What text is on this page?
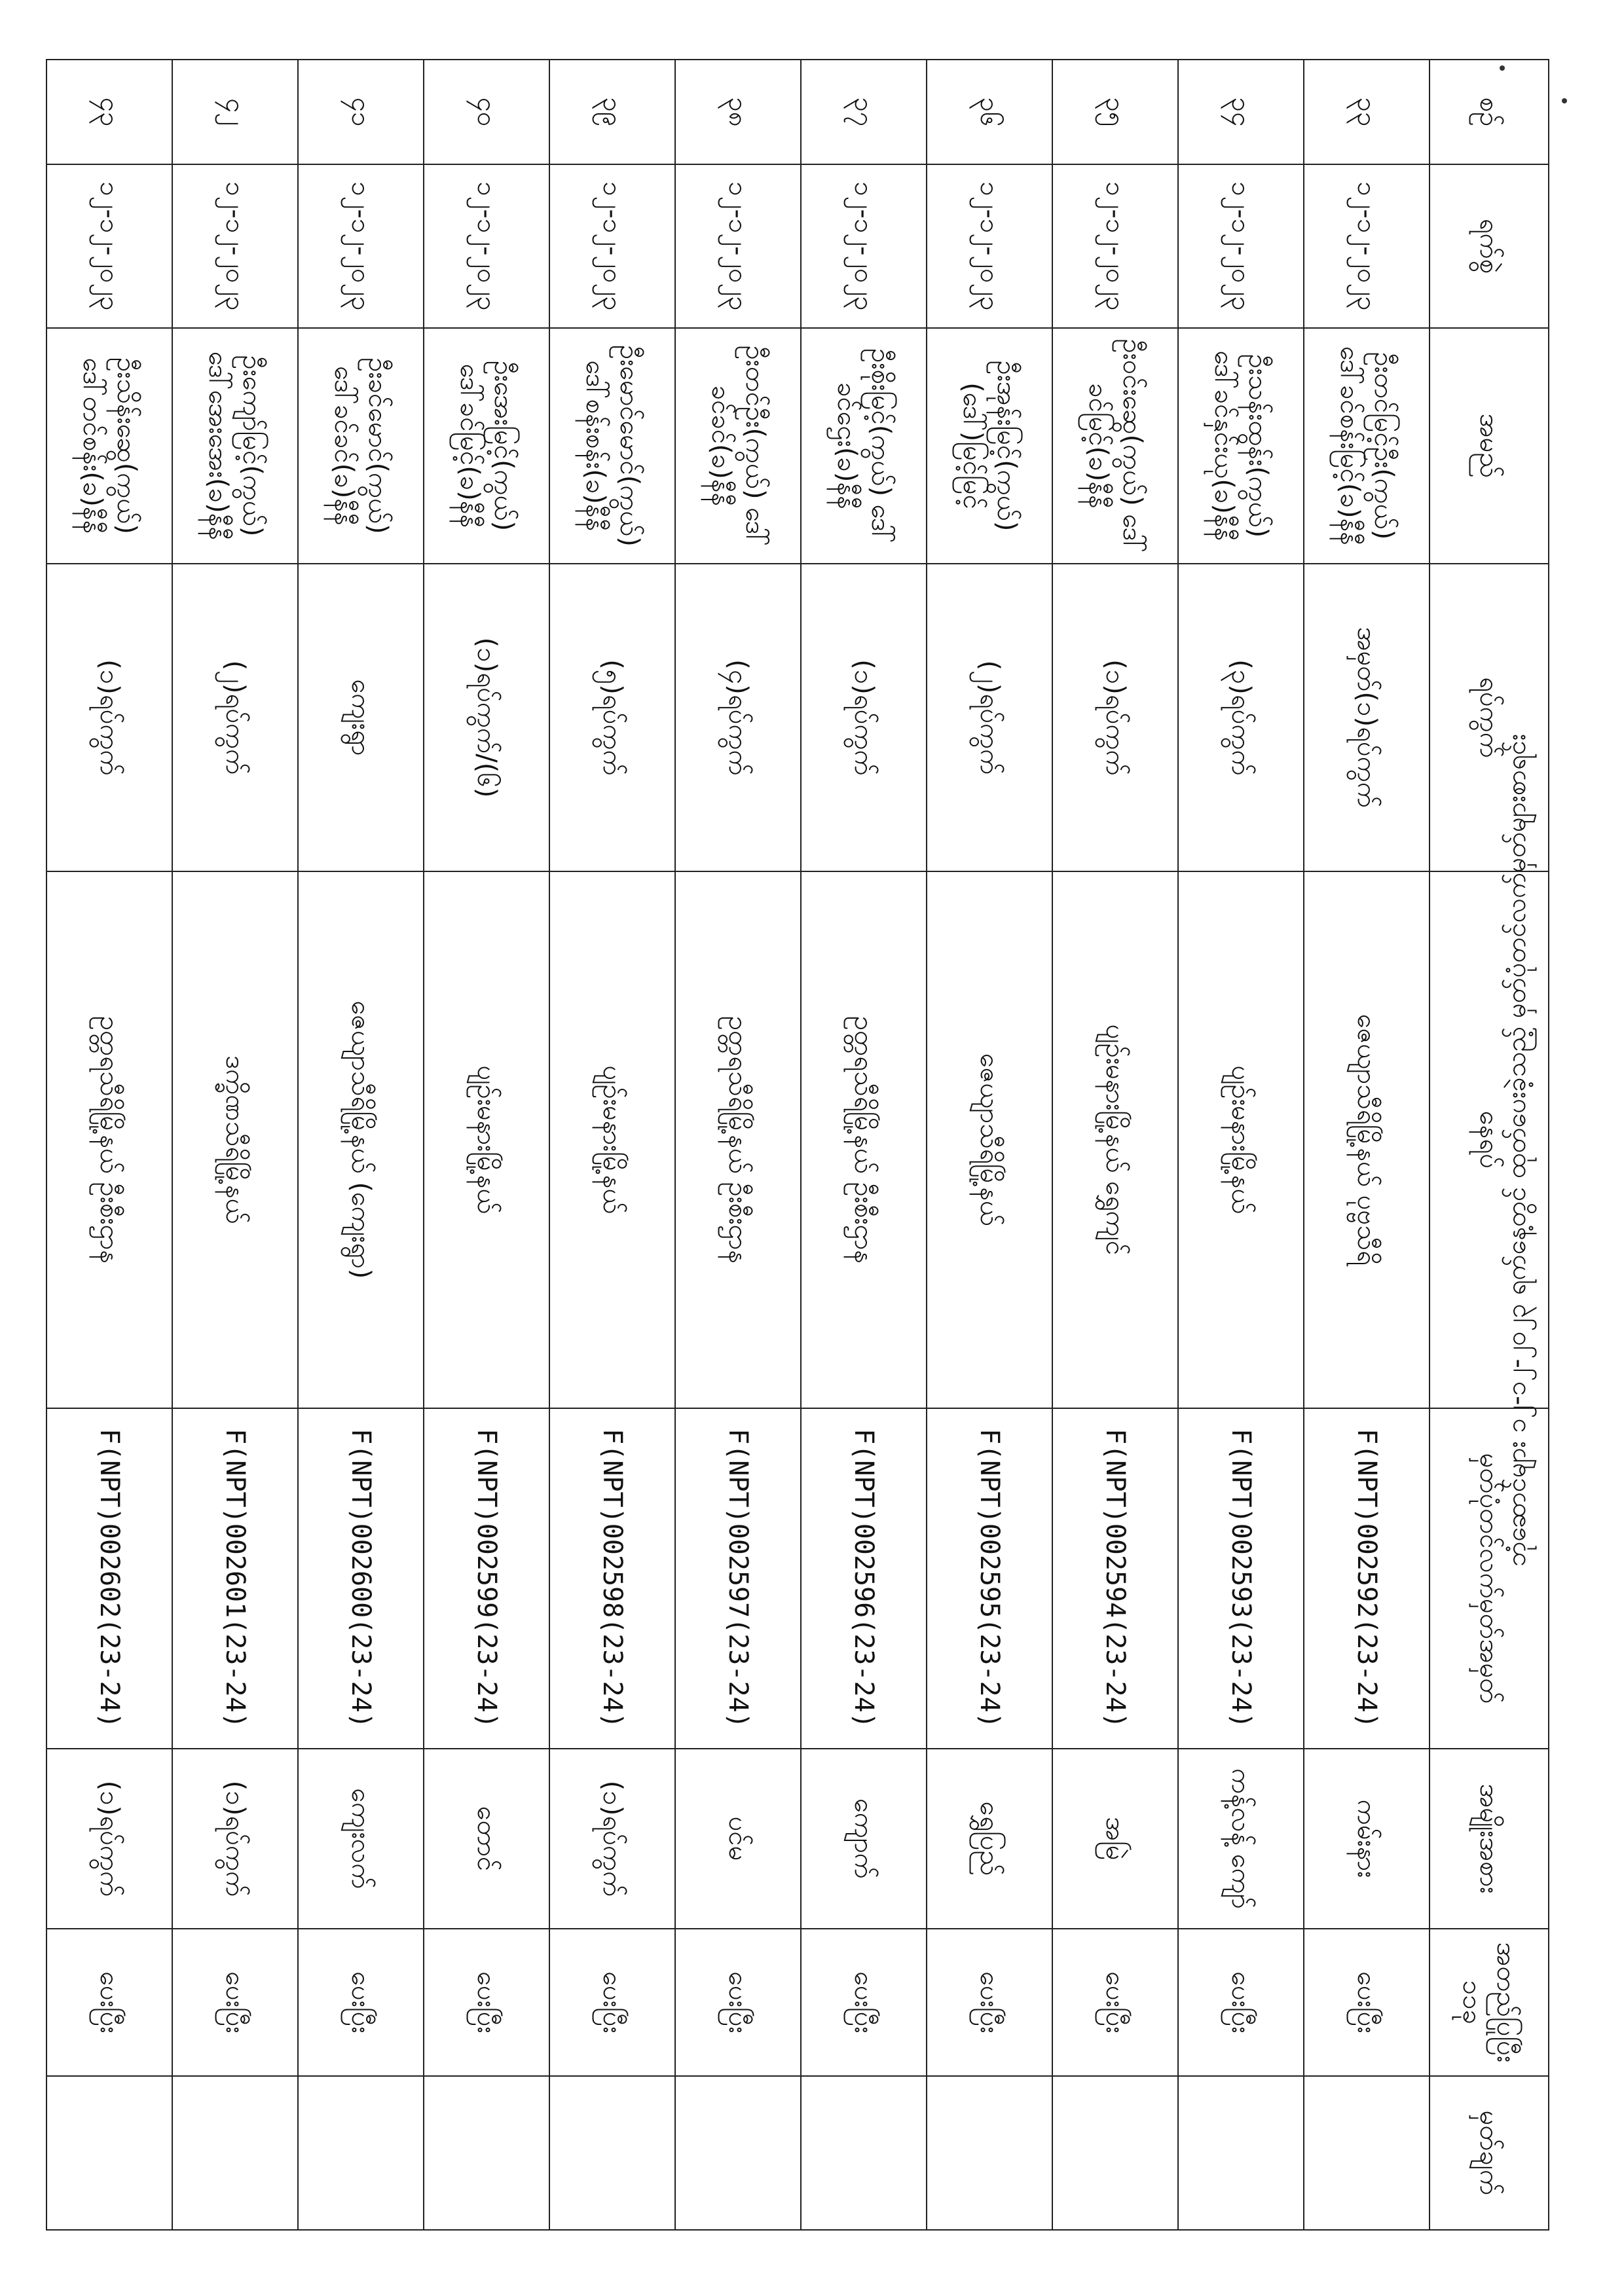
ဘုံဆောင်များ ၁၂-၁၂-၂၀၂၃ ရက်နေ့တွင် ထုတ်ပေးခဲ့သည့် မှတ်ပုံတင်လက်မှတ်များစာရင်း
စဉ်	ရက်စွဲ	အမည်	ရပ်ကွက်	နေရပ်	မှတ်ပုံတင်လက်မှတ်အမှတ်	အမျိုးအစား	အတည်ပြုပြီး ၁၁ခု	မှတ်ချက်
၃၃	၁၂-၁၂-၂၀၂၃	ဦးတင်မြင့်ဦး(ကွယ်) ဒေါ်ခင်စန်းမြင့်(ခ)နီနီ	အမှတ်(၁)ရပ်ကွက်	ဇေယျာသီရိမြို့နယ် ပုဗ္ဗသီရိ	F(NPT)002592(23-24)	ကမ်းနား	ပေးပြီး	
၃၄	၁၂-၁၂-၂၀၂၃	ဦးသန်းထွန်း(ကွယ်) ဒေါ်ခင်နှင်းယု(ခ)နီနီ	(၃)ရပ်ကွက်	ပျဉ်းမနားမြို့နယ်	F(NPT)002593(23-24)	ကန့်လန့် ကျော်	ပေးပြီး	
၃၅	၁၂-၁၂-၂၀၂၃	ဦးဝင်းဆွေ(ကွယ်) ဒေါ်ခင်မြင့်(ခ)နီနီ	(၁)ရပ်ကွက်	ပျဉ်းမနားမြို့နယ် ရွှေကျင်	F(NPT)002594(23-24)	အမြဲ	ပေးပြီး	
၃၆	၁၂-၁၂-၂၀၂၃	ဦးအုန်းမြင့်(ကွယ်) (ဒေါ်)မြင့်မြင့်	(၂)ရပ်ကွက်	ဇေယျာသီရိမြို့နယ်	F(NPT)002595(23-24)	ရွှေပြည်	ပေးပြီး	
၃၇	၁၂-၁၂-၂၀၂၃	ဦးစိုးမြင့်(ကွယ်) ဒေါ်ခင်ဌေး(ခ)နီနီ	(၁)ရပ်ကွက်	ဥတ္တရသီရိမြို့နယ် ဦးစီးဌာန	F(NPT)002596(23-24)	ကျောက်	ပေးပြီး	
၃၈	၁၂-၁၂-၂၀၂၃	ဦးတင်ဦး(ကွယ်) ဒေါ်ခင်ခင်(ခ)နီနီ	(၄)ရပ်ကွက်	ဥတ္တရသီရိမြို့နယ် ဦးစီးဌာန	F(NPT)002597(23-24)	ပင်မ	ပေးပြီး	
၃၉	၁၂-၁၂-၂၀၂၃	ဦးမောင်မောင်(ကွယ်) ဒေါ်စန်းစန်း(ခ)နီနီ	(၅)ရပ်ကွက်	ပျဉ်းမနားမြို့နယ်	F(NPT)002598(23-24)	(၁)ရပ်ကွက်	ပေးပြီး	
၄၀	၁၂-၁၂-၂၀၂၃	ဦးအေးမြင့်(ကွယ်) ဒေါ်ခင်မြင့်(ခ)နီနီ	(၁)ရပ်ကွက်/(၆)	ပျဉ်းမနားမြို့နယ်	F(NPT)002599(23-24)	တောင်	ပေးပြီး	
၄၁	၁၂-၁၂-၂၀၂၃	ဦးခင်မောင်(ကွယ်) ဒေါ်ခင်ခင်(ခ)နီနီ	ကျေးရွာ	ဇေယျာသီရိမြို့နယ် (ကျေးရွာ)	F(NPT)002600(23-24)	ကျေးလက်	ပေးပြီး	
၄၂	၁၂-၁၂-၂၀၂၃	ဦးကျော်မြင့်(ကွယ်) ဒေါ်အေးအေး(ခ)နီနီ	(၂)ရပ်ကွက်	ဒက္ခိဏသီရိမြို့နယ်	F(NPT)002601(23-24)	(၁)ရပ်ကွက်	ပေးပြီး	
၄၃	၁၂-၁၂-၂၀၂၃	ဦးသိန်းဆွေ(ကွယ်) ဒေါ်တင်စန်း(ခ)နီနီ	(၁)ရပ်ကွက်	ဥတ္တရသီရိမြို့နယ် ဦးစီးဌာန	F(NPT)002602(23-24)	(၁)ရပ်ကွက်	ပေးပြီး	
